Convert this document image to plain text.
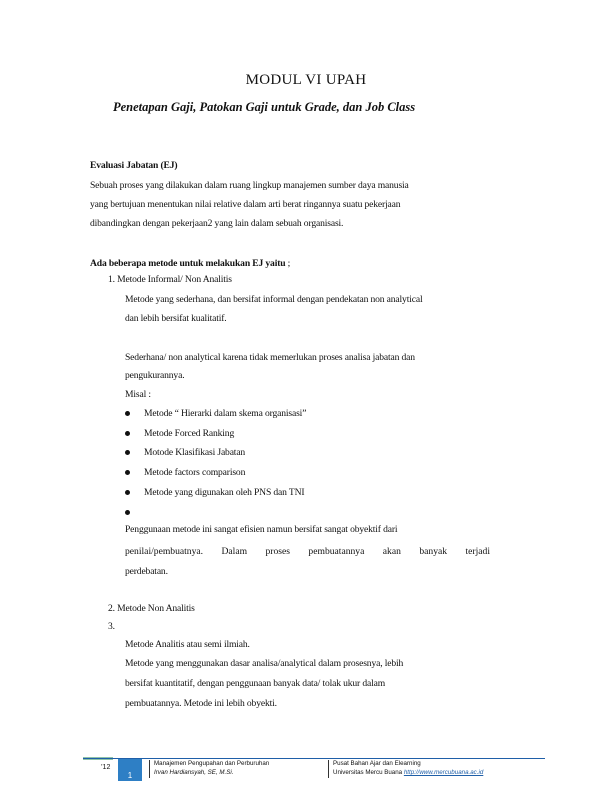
MODUL VI UPAH
Penetapan Gaji, Patokan Gaji untuk Grade, dan Job Class
Evaluasi Jabatan (EJ)
Sebuah proses yang dilakukan dalam ruang lingkup manajemen sumber daya manusia
yang bertujuan menentukan nilai relative dalam arti berat ringannya suatu pekerjaan
dibandingkan dengan pekerjaan2 yang lain dalam sebuah organisasi.
Ada beberapa metode untuk melakukan EJ yaitu ;
1. Metode Informal/ Non Analitis
Metode yang sederhana, dan bersifat informal dengan pendekatan non analytical
dan lebih bersifat kualitatif.
Sederhana/ non analytical karena tidak memerlukan proses analisa jabatan dan
pengukurannya.
Misal :
Metode “ Hierarki dalam skema organisasi”
Metode Forced Ranking
Motode Klasifikasi Jabatan
Metode factors comparison
Metode yang digunakan oleh PNS dan TNI
Penggunaan metode ini sangat efisien namun bersifat sangat obyektif dari
penilai/pembuatnya. Dalam proses pembuatannya akan banyak terjadi
perdebatan.
2. Metode Non Analitis
3.
Metode Analitis atau semi ilmiah.
Metode yang menggunakan dasar analisa/analytical dalam prosesnya, lebih
bersifat kuantitatif, dengan penggunaan banyak data/ tolak ukur dalam
pembuatannya. Metode ini lebih obyekti.
’12
1
Manajemen Pengupahan dan Perburuhan
Irvan Hardiansyah, SE, M.Si.
Pusat Bahan Ajar dan Elearning
Universitas Mercu Buana http://www.mercubuana.ac.id
